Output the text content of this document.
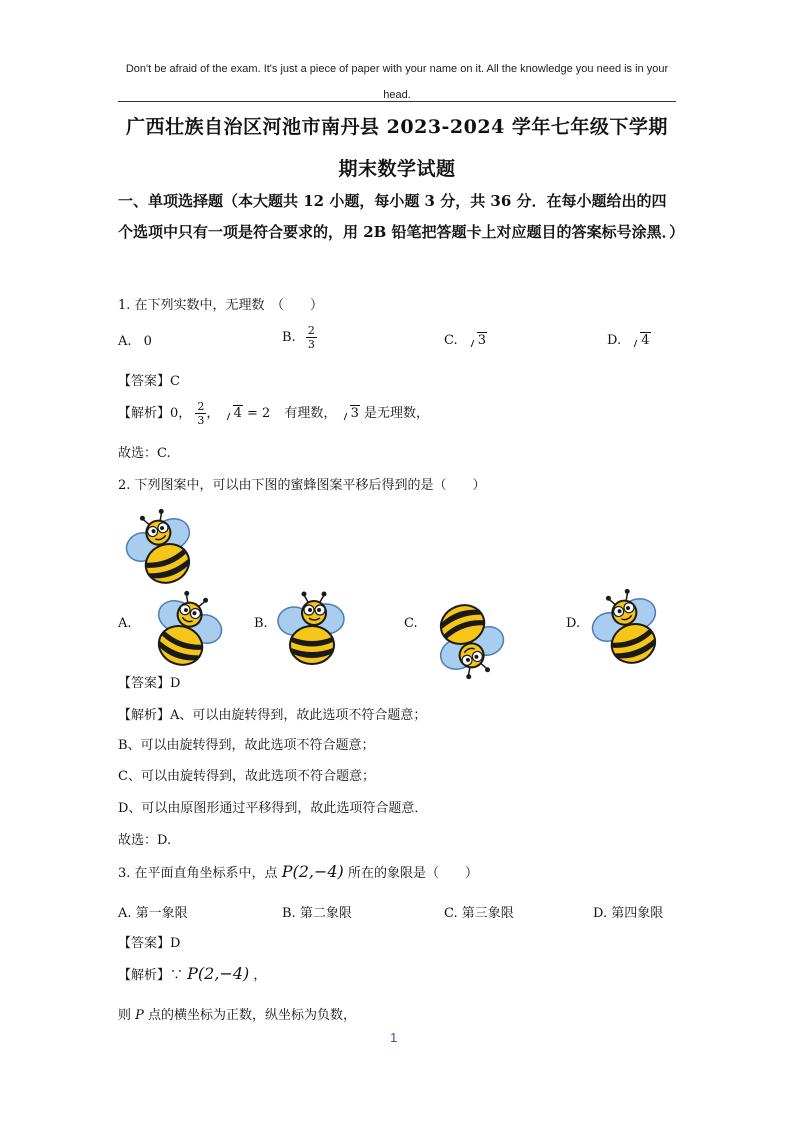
Don't be afraid of the exam. It's just a piece of paper with your name on it. All the knowledge you need is in your head.
广西壮族自治区河池市南丹县 2023-2024 学年七年级下学期
期末数学试题
一、单项选择题（本大题共 12 小题，每小题 3 分，共 36 分．在每小题给出的四个选项中只有一项是符合要求的，用 2B 铅笔把答题卡上对应题目的答案标号涂黑．）
1. 在下列实数中，无理数　（　　）
A. 0	B. $\frac{2}{3}$	C. 3	D. 4
【答案】C
【解析】0， $\frac{2}{3}$ ， 4 = 2 有理数， 3 是无理数，
故选：C.
2. 下列图案中，可以由下图的蜜蜂图案平移后得到的是（　　）
A.	B.	C.	D.
【答案】D
【解析】A、可以由旋转得到，故此选项不符合题意；
B、可以由旋转得到，故此选项不符合题意；
C、可以由旋转得到，故此选项不符合题意；
D、可以由原图形通过平移得到，故此选项符合题意．
故选：D.
3. 在平面直角坐标系中，点 P(2,−4) 所在的象限是（　　）
A. 第一象限	B. 第二象限	C. 第三象限	D. 第四象限
【答案】D
【解析】∵ P(2,−4) ，
则 P 点的横坐标为正数，纵坐标为负数，
1
